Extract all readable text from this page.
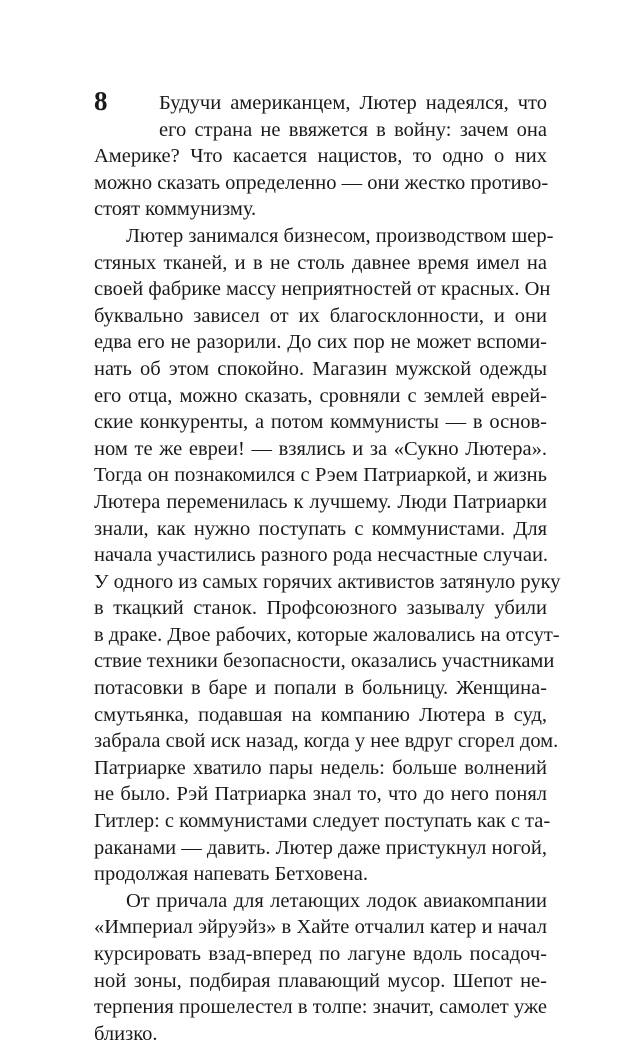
8	Будучи американцем, Лютер надеялся, что
его страна не ввяжется в войну: зачем она
Америке? Что касается нацистов, то одно о них
можно сказать определенно — они жестко противо-
стоят коммунизму.
Лютер занимался бизнесом, производством шер-
стяных тканей, и в не столь давнее время имел на
своей фабрике массу неприятностей от красных. Он
буквально зависел от их благосклонности, и они
едва его не разорили. До сих пор не может вспоми-
нать об этом спокойно. Магазин мужской одежды
его отца, можно сказать, сровняли с землей еврей-
ские конкуренты, а потом коммунисты — в основ-
ном те же евреи! — взялись и за «Сукно Лютера».
Тогда он познакомился с Рэем Патриаркой, и жизнь
Лютера переменилась к лучшему. Люди Патриарки
знали, как нужно поступать с коммунистами. Для
начала участились разного рода несчастные случаи.
У одного из самых горячих активистов затянуло руку
в ткацкий станок. Профсоюзного зазывалу убили
в драке. Двое рабочих, которые жаловались на отсут-
ствие техники безопасности, оказались участниками
потасовки в баре и попали в больницу. Женщина-
смутьянка, подавшая на компанию Лютера в суд,
забрала свой иск назад, когда у нее вдруг сгорел дом.
Патриарке хватило пары недель: больше волнений
не было. Рэй Патриарка знал то, что до него понял
Гитлер: с коммунистами следует поступать как с та-
раканами — давить. Лютер даже пристукнул ногой,
продолжая напевать Бетховена.
От причала для летающих лодок авиакомпании
«Империал эйруэйз» в Хайте отчалил катер и начал
курсировать взад-вперед по лагуне вдоль посадоч-
ной зоны, подбирая плавающий мусор. Шепот не-
терпения прошелестел в толпе: значит, самолет уже
близко.
